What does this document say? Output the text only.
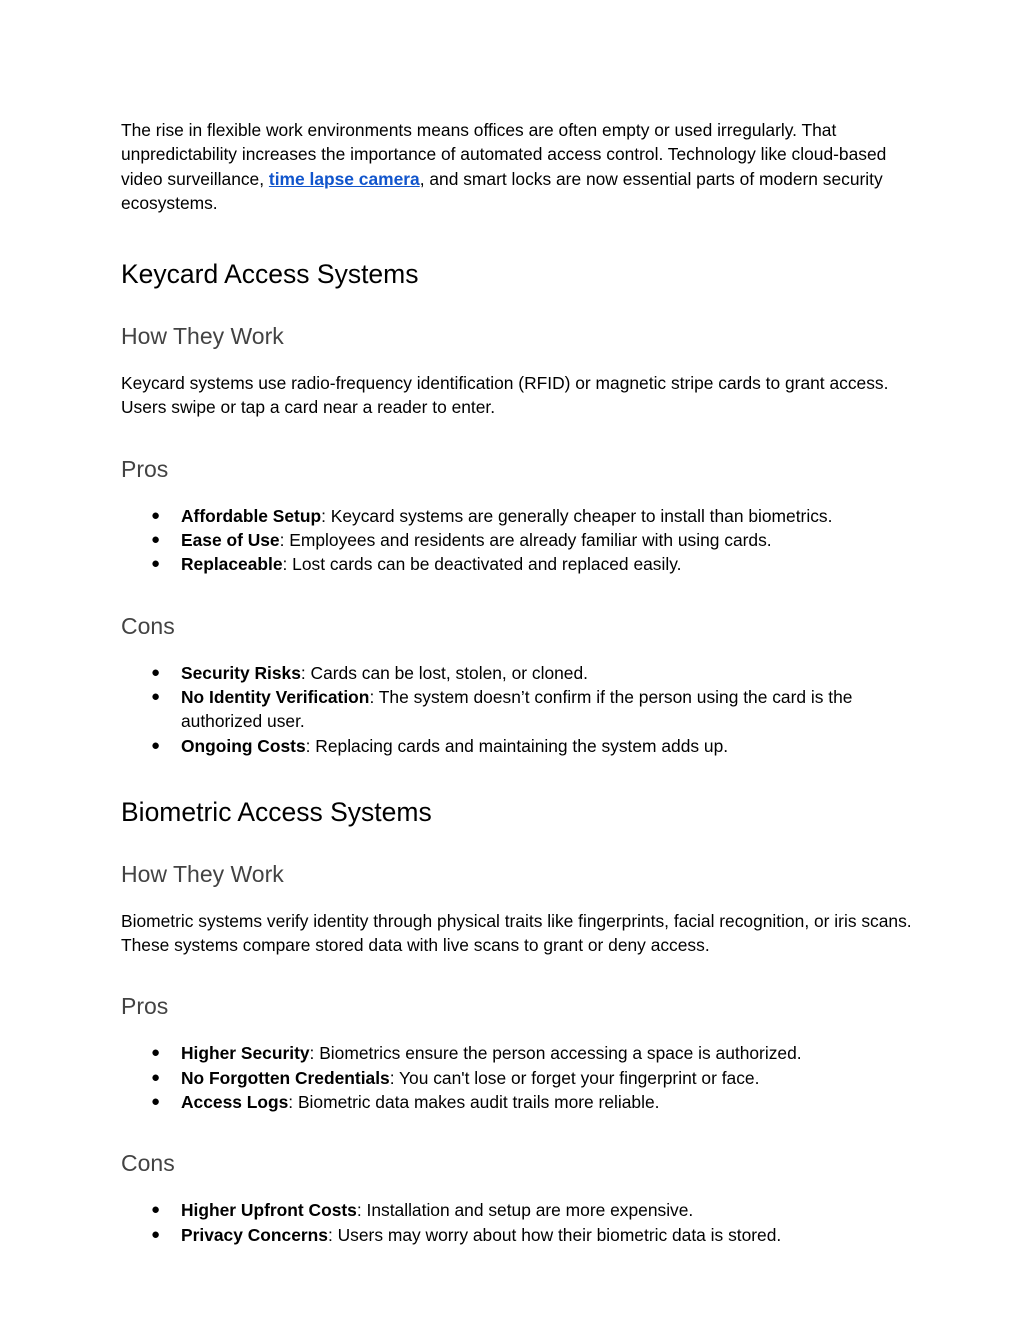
The rise in flexible work environments means offices are often empty or used irregularly. That unpredictability increases the importance of automated access control. Technology like cloud-based video surveillance, time lapse camera, and smart locks are now essential parts of modern security ecosystems.

Keycard Access Systems
How They Work

Keycard systems use radio-frequency identification (RFID) or magnetic stripe cards to grant access. Users swipe or tap a card near a reader to enter.

Pros
● Affordable Setup: Keycard systems are generally cheaper to install than biometrics.
● Ease of Use: Employees and residents are already familiar with using cards.
● Replaceable: Lost cards can be deactivated and replaced easily.
Cons
● Security Risks: Cards can be lost, stolen, or cloned.
● No Identity Verification: The system doesn’t confirm if the person using the card is the authorized user.
● Ongoing Costs: Replacing cards and maintaining the system adds up.
Biometric Access Systems
How They Work

Biometric systems verify identity through physical traits like fingerprints, facial recognition, or iris scans. These systems compare stored data with live scans to grant or deny access.

Pros
● Higher Security: Biometrics ensure the person accessing a space is authorized.
● No Forgotten Credentials: You can't lose or forget your fingerprint or face.
● Access Logs: Biometric data makes audit trails more reliable.
Cons
● Higher Upfront Costs: Installation and setup are more expensive.
● Privacy Concerns: Users may worry about how their biometric data is stored.
